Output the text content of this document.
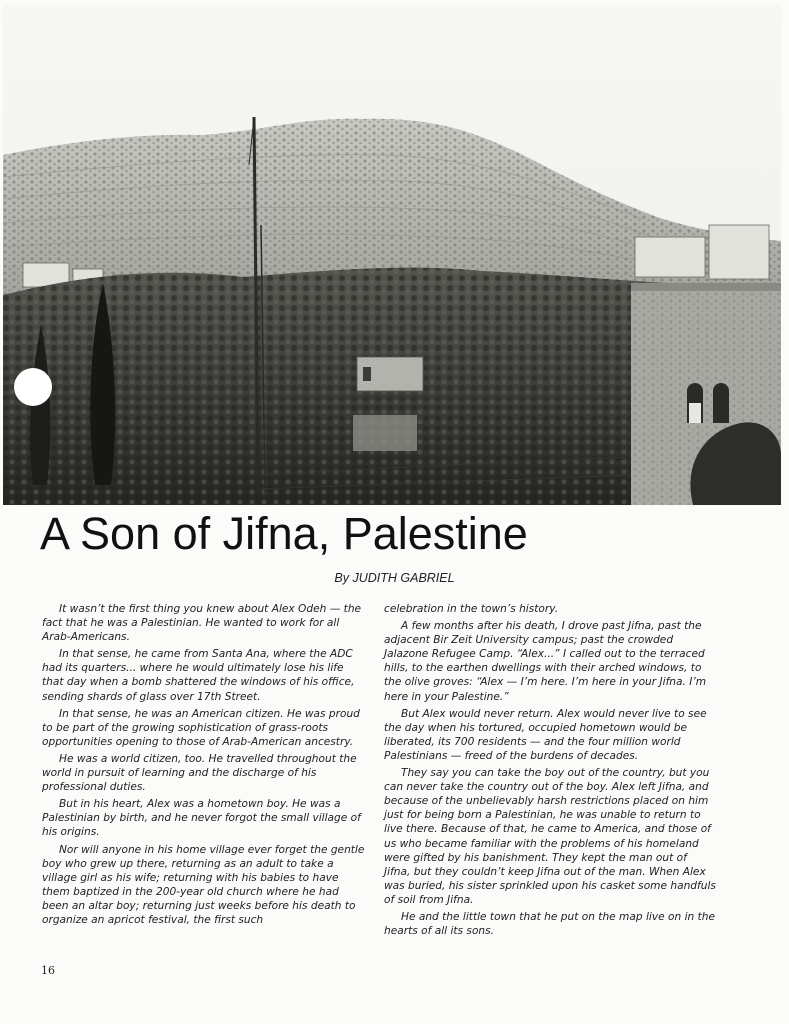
A Son of Jifna, Palestine
By JUDITH GABRIEL

It wasn’t the first thing you knew about Alex Odeh — the fact that he was a Palestinian. He wanted to work for all Arab-Americans.

In that sense, he came from Santa Ana, where the ADC had its quarters... where he would ultimately lose his life that day when a bomb shattered the windows of his office, sending shards of glass over 17th Street.

In that sense, he was an American citizen. He was proud to be part of the growing sophistication of grass-roots opportunities opening to those of Arab-American ancestry.

He was a world citizen, too. He travelled throughout the world in pursuit of learning and the discharge of his professional duties.

But in his heart, Alex was a hometown boy. He was a Palestinian by birth, and he never forgot the small village of his origins.

Nor will anyone in his home village ever forget the gentle boy who grew up there, returning as an adult to take a village girl as his wife; returning with his babies to have them baptized in the 200-year old church where he had been an altar boy; returning just weeks before his death to organize an apricot festival, the first such

celebration in the town’s history.

A few months after his death, I drove past Jifna, past the adjacent Bir Zeit University campus; past the crowded Jalazone Refugee Camp. “Alex...” I called out to the terraced hills, to the earthen dwellings with their arched windows, to the olive groves: “Alex — I’m here. I’m here in your Jifna. I’m here in your Palestine.”

But Alex would never return. Alex would never live to see the day when his tortured, occupied hometown would be liberated, its 700 residents — and the four million world Palestinians — freed of the burdens of decades.

They say you can take the boy out of the country, but you can never take the country out of the boy. Alex left Jifna, and because of the unbelievably harsh restrictions placed on him just for being born a Palestinian, he was unable to return to live there. Because of that, he came to America, and those of us who became familiar with the problems of his homeland were gifted by his banishment. They kept the man out of Jifna, but they couldn’t keep Jifna out of the man. When Alex was buried, his sister sprinkled upon his casket some handfuls of soil from Jifna.

He and the little town that he put on the map live on in the hearts of all its sons.

16
